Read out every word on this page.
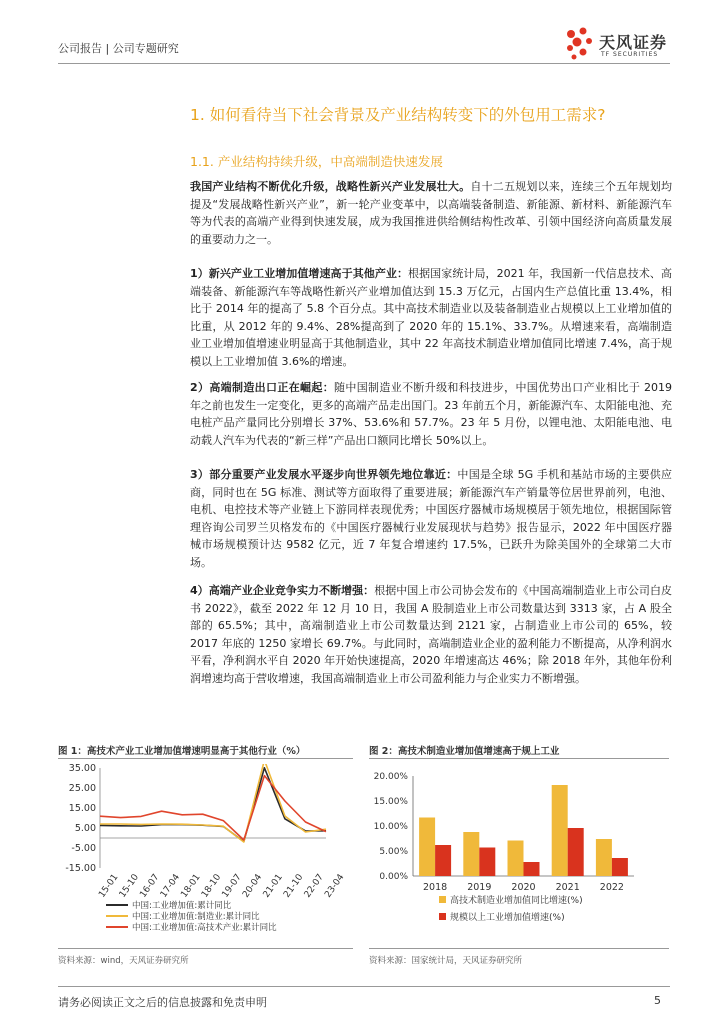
公司报告 | 公司专题研究	天风证券
TF SECURITIES
1. 如何看待当下社会背景及产业结构转变下的外包用工需求?
1.1. 产业结构持续升级，中高端制造快速发展

我国产业结构不断优化升级，战略性新兴产业发展壮大。自十二五规划以来，连续三个五年规划均提及“发展战略性新兴产业”，新一轮产业变革中，以高端装备制造、新能源、新材料、新能源汽车等为代表的高端产业得到快速发展，成为我国推进供给侧结构性改革、引领中国经济向高质量发展的重要动力之一。

1）新兴产业工业增加值增速高于其他产业：根据国家统计局，2021 年，我国新一代信息技术、高端装备、新能源汽车等战略性新兴产业增加值达到 15.3 万亿元，占国内生产总值比重 13.4%，相比于 2014 年的提高了 5.8 个百分点。其中高技术制造业以及装备制造业占规模以上工业增加值的比重，从 2012 年的 9.4%、28%提高到了 2020 年的 15.1%、33.7%。从增速来看，高端制造业工业增加值增速业明显高于其他制造业，其中 22 年高技术制造业增加值同比增速 7.4%，高于规模以上工业增加值 3.6%的增速。

2）高端制造出口正在崛起：随中国制造业不断升级和科技进步，中国优势出口产业相比于 2019 年之前也发生一定变化，更多的高端产品走出国门。23 年前五个月，新能源汽车、太阳能电池、充电桩产品产量同比分别增长 37%、53.6%和 57.7%。23 年 5 月份，以锂电池、太阳能电池、电动载人汽车为代表的“新三样”产品出口额同比增长 50%以上。

3）部分重要产业发展水平逐步向世界领先地位靠近：中国是全球 5G 手机和基站市场的主要供应商，同时也在 5G 标准、测试等方面取得了重要进展；新能源汽车产销量等位居世界前列，电池、电机、电控技术等产业链上下游同样表现优秀；中国医疗器械市场规模居于领先地位，根据国际管理咨询公司罗兰贝格发布的《中国医疗器械行业发展现状与趋势》报告显示，2022 年中国医疗器械市场规模预计达 9582 亿元，近 7 年复合增速约 17.5%，已跃升为除美国外的全球第二大市场。

4）高端产业企业竞争实力不断增强：根据中国上市公司协会发布的《中国高端制造业上市公司白皮书 2022》，截至 2022 年 12 月 10 日，我国 A 股制造业上市公司数量达到 3313 家，占 A 股全部的 65.5%；其中，高端制造业上市公司数量达到 2121 家，占制造业上市公司的 65%，较 2017 年底的 1250 家增长 69.7%。与此同时，高端制造业企业的盈利能力不断提高，从净利润水平看，净利润水平自 2020 年开始快速提高，2020 年增速高达 46%；除 2018 年外，其他年份利润增速均高于营收增速，我国高端制造业上市公司盈利能力与企业实力不断增强。

图 1：高技术产业工业增加值增速明显高于其他行业（%）	图 2：高技术制造业增加值增速高于规上工业
35.00
25.00
15.00
5.00
-5.00
-15.00
15-01
15-10
16-07
17-04
18-01
18-10
19-07
20-04
21-01
21-10
22-07
23-04
中国:工业增加值:累计同比
中国:工业增加值:制造业:累计同比
中国:工业增加值:高技术产业:累计同比
20.00%
15.00%
10.00%
5.00%
0.00%
2018 2019 2020 2021 2022
高技术制造业增加值同比增速(%)
规模以上工业增加值增速(%)
资料来源：wind，天风证券研究所	资料来源：国家统计局，天风证券研究所
请务必阅读正文之后的信息披露和免责申明	5
